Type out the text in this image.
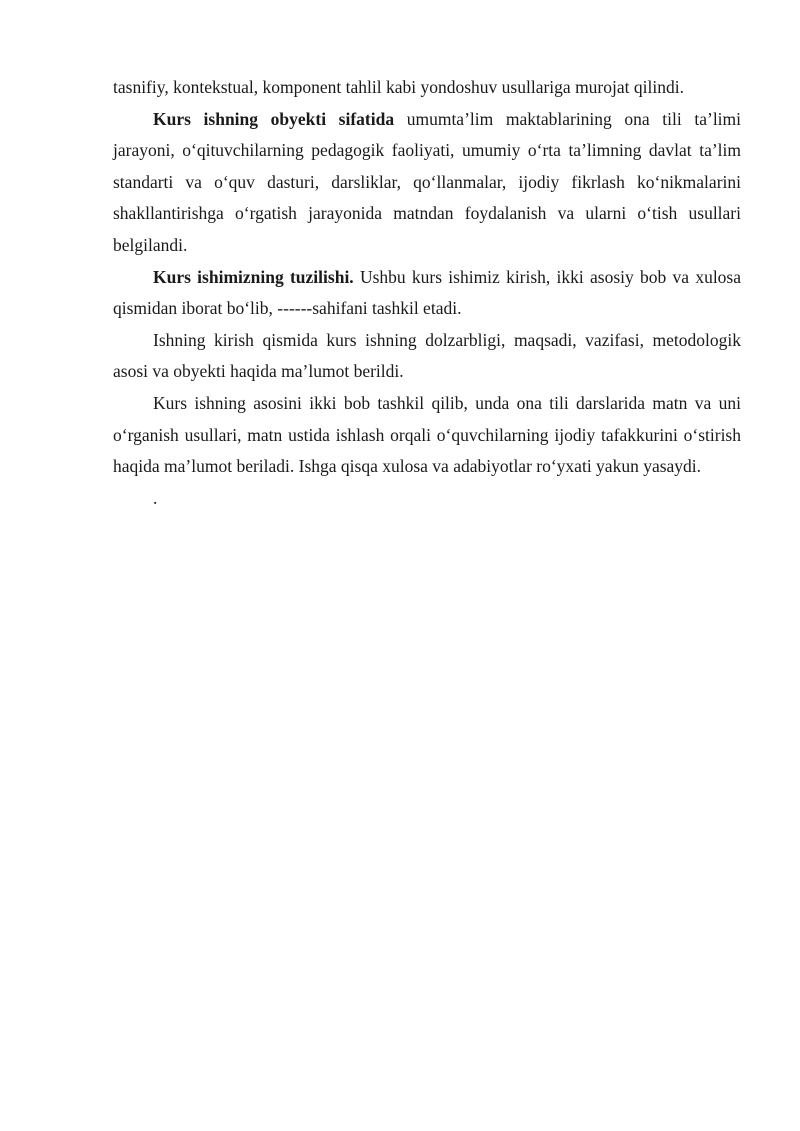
tasnifiy, kontekstual, komponent tahlil kabi yondoshuv usullariga murojat qilindi.

Kurs ishning obyekti sifatida umumta’lim maktablarining ona tili ta’limi jarayoni, o‘qituvchilarning pedagogik faoliyati, umumiy o‘rta ta’limning davlat ta’lim standarti va o‘quv dasturi, darsliklar, qo‘llanmalar, ijodiy fikrlash ko‘nikmalarini shakllantirishga o‘rgatish jarayonida matndan foydalanish va ularni o‘tish usullari belgilandi.

Kurs ishimizning tuzilishi. Ushbu kurs ishimiz kirish, ikki asosiy bob va xulosa qismidan iborat bo‘lib, ------sahifani tashkil etadi.

Ishning kirish qismida kurs ishning dolzarbligi, maqsadi, vazifasi, metodologik asosi va obyekti haqida ma’lumot berildi.

Kurs ishning asosini ikki bob tashkil qilib, unda ona tili darslarida matn va uni o‘rganish usullari, matn ustida ishlash orqali o‘quvchilarning ijodiy tafakkurini o‘stirish haqida ma’lumot beriladi. Ishga qisqa xulosa va adabiyotlar ro‘yxati yakun yasaydi.

.
